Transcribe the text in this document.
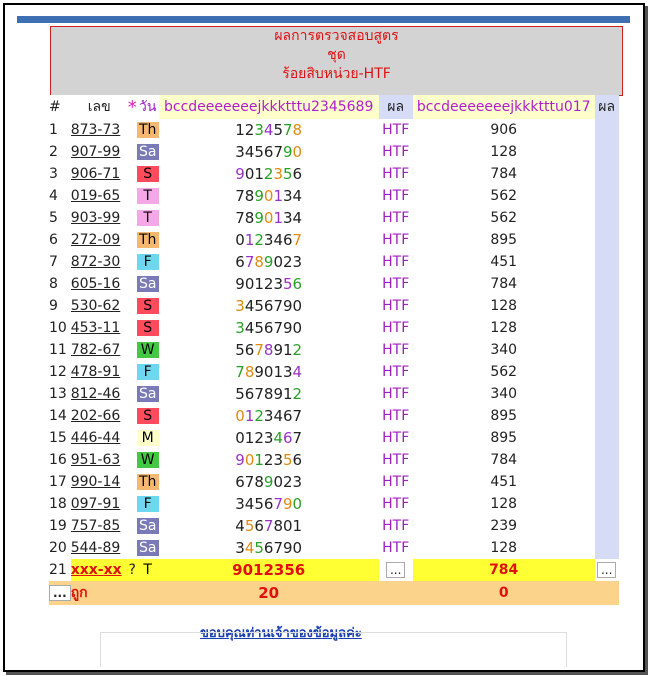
ผลการตรวจสอบสูตร
ชุด
ร้อยสิบหน่วย-HTF
#	เลข	*	วัน	bccdeeeeeeejkkktttu2345689	ผล	bccdeeeeeeejkkktttu017	ผล
1	873-73		Th	1234578	HTF	906	
2	907-99		Sa	3456790	HTF	128	
3	906-71		S	9012356	HTF	784	
4	019-65		T	7890134	HTF	562	
5	903-99		T	7890134	HTF	562	
6	272-09		Th	0123467	HTF	895	
7	872-30		F	6789023	HTF	451	
8	605-16		Sa	9012356	HTF	784	
9	530-62		S	3456790	HTF	128	
10	453-11		S	3456790	HTF	128	
11	782-67		W	5678912	HTF	340	
12	478-91		F	7890134	HTF	562	
13	812-46		Sa	5678912	HTF	340	
14	202-66		S	0123467	HTF	895	
15	446-44		M	0123467	HTF	895	
16	951-63		W	9012356	HTF	784	
17	990-14		Th	6789023	HTF	451	
18	097-91		F	3456790	HTF	128	
19	757-85		Sa	4567801	HTF	239	
20	544-89		Sa	3456790	HTF	128	
21	xxx-xx	?	T	9012356	...	784	...
...	ถูก			20		0	
ขอบคุณท่านเจ้าของข้อมูลค่ะ
